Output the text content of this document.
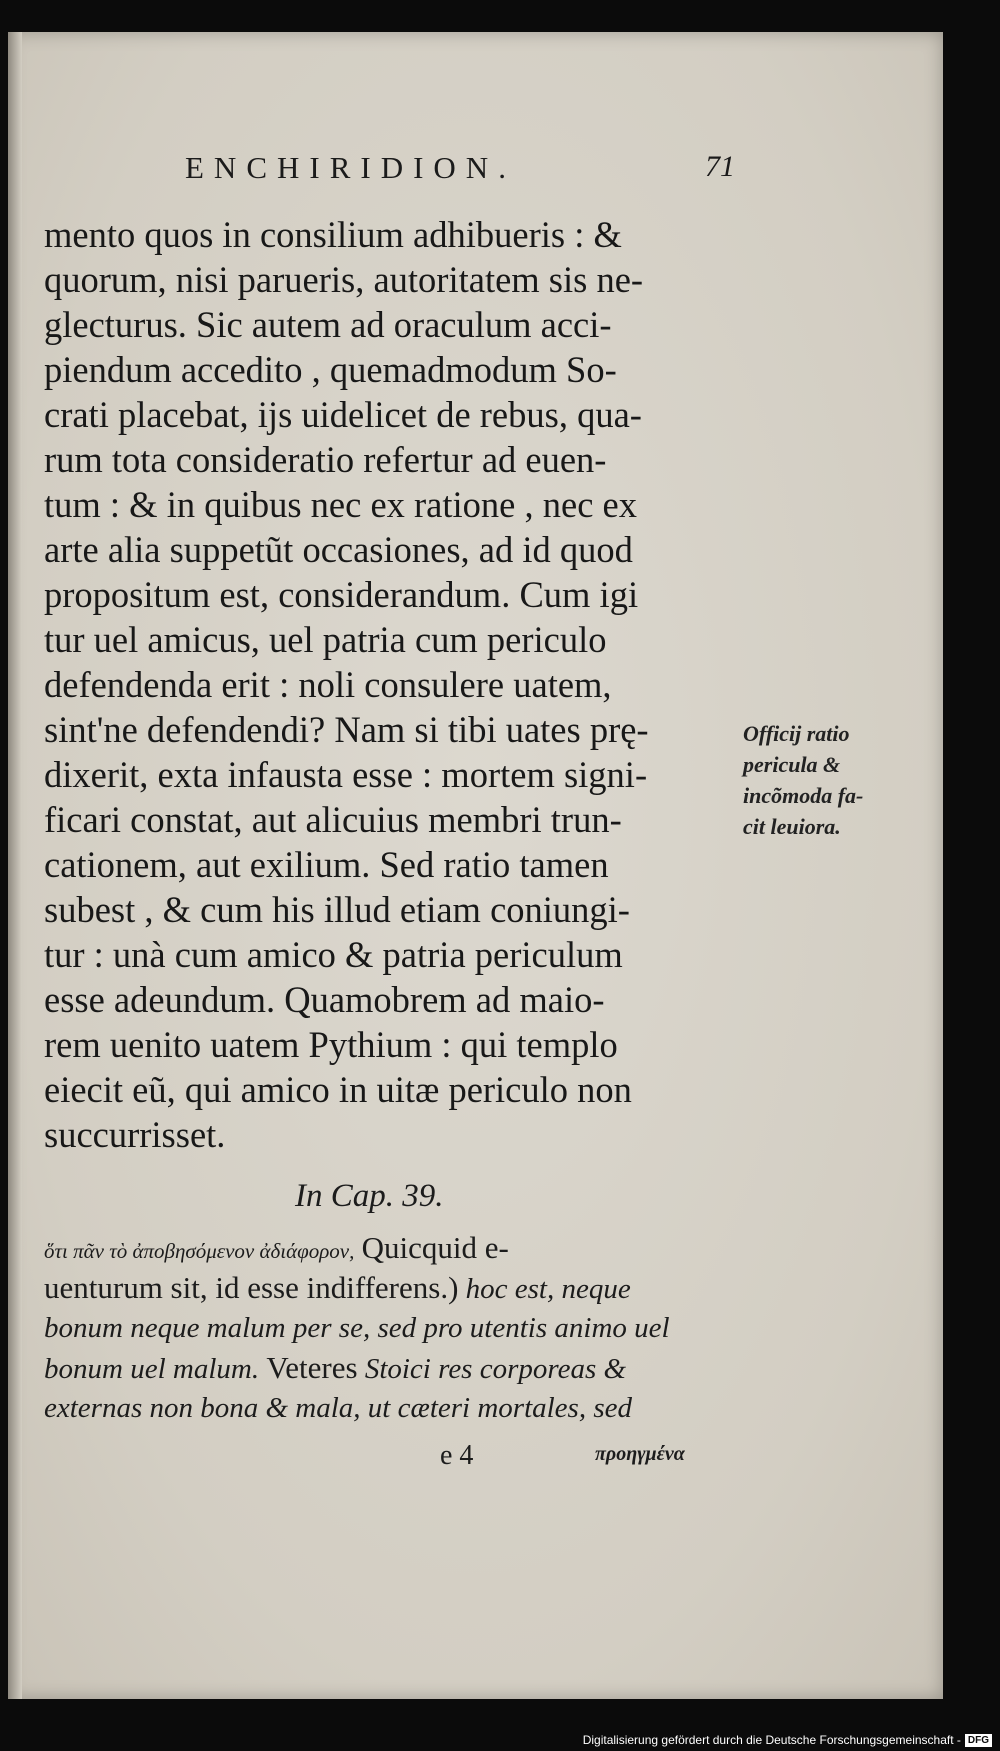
ENCHIRIDION.	71
mento quos in consilium adhibueris : &
quorum, nisi parueris, autoritatem sis ne-
glecturus. Sic autem ad oraculum acci-
piendum accedito , quemadmodum So-
crati placebat, ijs uidelicet de rebus, qua-
rum tota consideratio refertur ad euen-
tum : & in quibus nec ex ratione , nec ex
arte alia suppetũt occasiones, ad id quod
propositum est, considerandum. Cum igi
tur uel amicus, uel patria cum periculo
defendenda erit : noli consulere uatem,
sint'ne defendendi? Nam si tibi uates prę-
dixerit, exta infausta esse : mortem signi-
ficari constat, aut alicuius membri trun-
cationem, aut exilium. Sed ratio tamen
subest , & cum his illud etiam coniungi-
tur : unà cum amico & patria periculum
esse adeundum. Quamobrem ad maio-
rem uenito uatem Pythium : qui templo
eiecit eũ, qui amico in uitæ periculo non
succurrisset.
Officij ratio
pericula &
incõmoda fa-
cit leuiora.
In Cap. 39.
ὅτι πᾶν τὸ ἀποβησόμενον ἀδιάφορον, Quicquid e-
uenturum sit, id esse indifferens.) hoc est, neque
bonum neque malum per se, sed pro utentis animo uel
bonum uel malum. Veteres Stoici res corporeas &
externas non bona & mala, ut cæteri mortales, sed
e 4	προηγμένα
Digitalisierung gefördert durch die Deutsche Forschungsgemeinschaft - DFG
